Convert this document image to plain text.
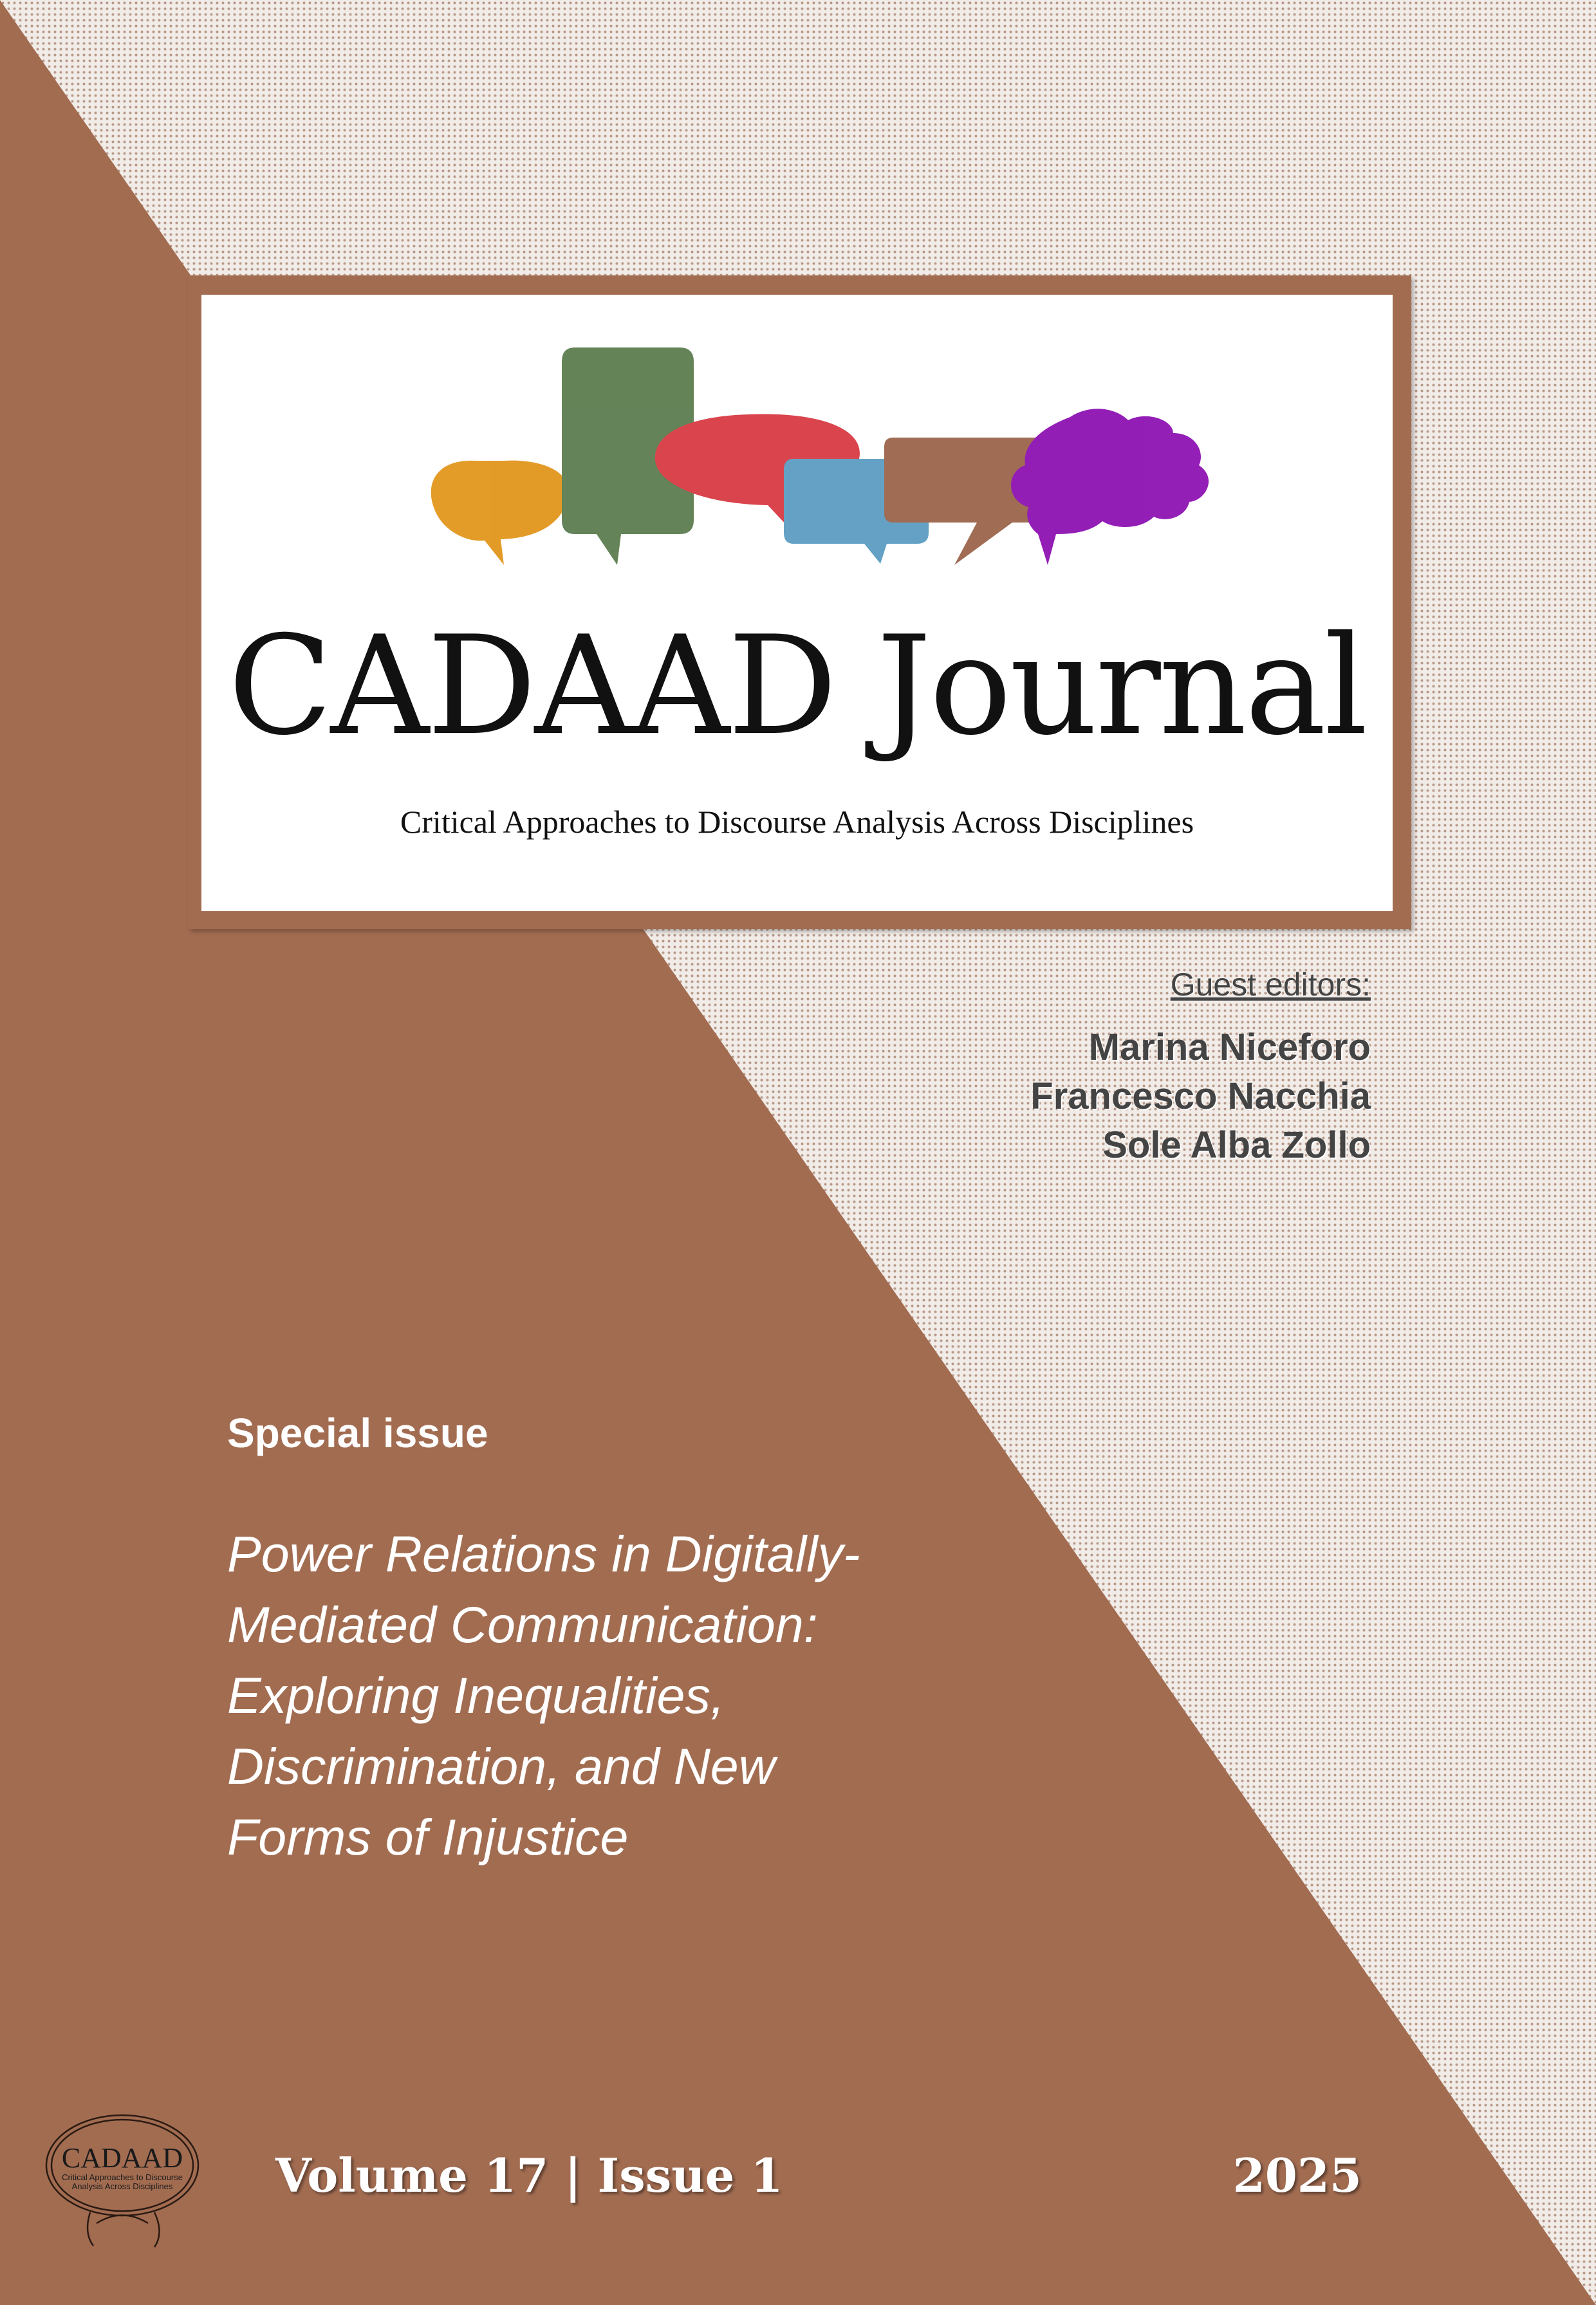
CADAAD Journal
Critical Approaches to Discourse Analysis Across Disciplines
Guest editors:
Marina Niceforo
Francesco Nacchia
Sole Alba Zollo
Special issue
Power Relations in Digitally-
Mediated Communication:
Exploring Inequalities,
Discrimination, and New
Forms of Injustice
CADAAD
Critical Approaches to Discourse
Analysis Across Disciplines Volume 17 | Issue 1	2025
